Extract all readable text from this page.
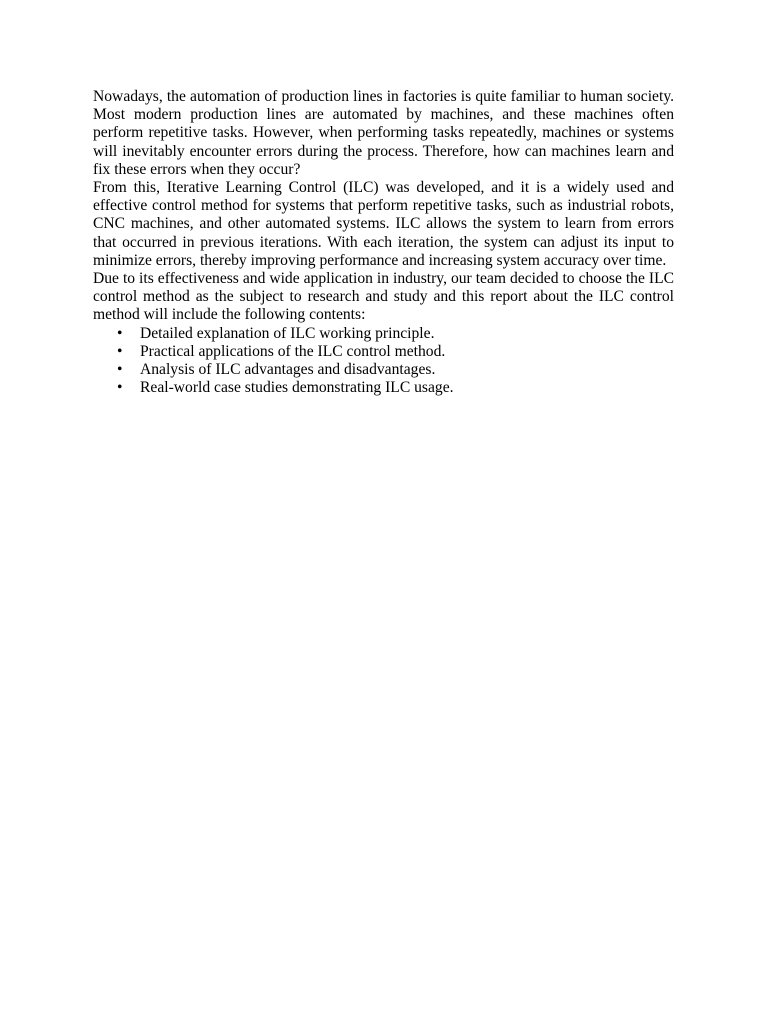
Nowadays, the automation of production lines in factories is quite familiar to human society. Most modern production lines are automated by machines, and these machines often perform repetitive tasks. However, when performing tasks repeatedly, machines or systems will inevitably encounter errors during the process. Therefore, how can machines learn and fix these errors when they occur?

From this, Iterative Learning Control (ILC) was developed, and it is a widely used and effective control method for systems that perform repetitive tasks, such as industrial robots, CNC machines, and other automated systems. ILC allows the system to learn from errors that occurred in previous iterations. With each iteration, the system can adjust its input to minimize errors, thereby improving performance and increasing system accuracy over time.

Due to its effectiveness and wide application in industry, our team decided to choose the ILC control method as the subject to research and study and this report about the ILC control method will include the following contents:

• Detailed explanation of ILC working principle.
• Practical applications of the ILC control method.
• Analysis of ILC advantages and disadvantages.
• Real-world case studies demonstrating ILC usage.
